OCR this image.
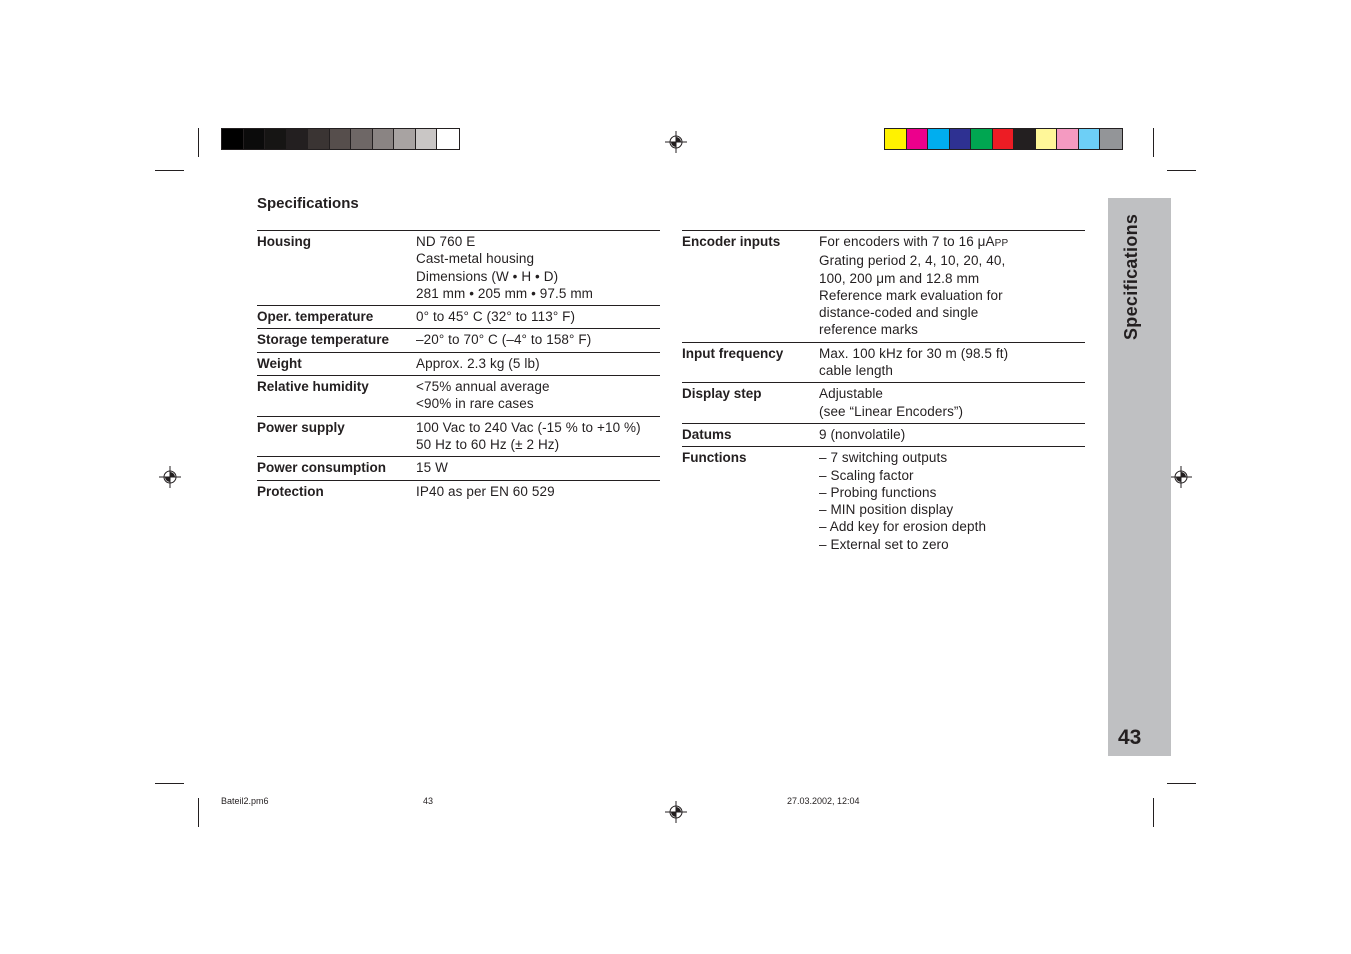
Specifications
Housing	ND 760 E
Cast-metal housing
Dimensions (W • H • D)
281 mm • 205 mm • 97.5 mm
Oper. temperature	0° to 45° C (32° to 113° F)
Storage temperature	–20° to 70° C (–4° to 158° F)
Weight	Approx. 2.3 kg (5 lb)
Relative humidity	<75% annual average
<90% in rare cases
Power supply	100 Vac to 240 Vac (-15 % to +10 %)
50 Hz to 60 Hz (± 2 Hz)
Power consumption	15 W
Protection	IP40 as per EN 60 529
Encoder inputs	For encoders with 7 to 16 μAPP
Grating period 2, 4, 10, 20, 40,
100, 200 μm and 12.8 mm
Reference mark evaluation for
distance-coded and single
reference marks
Input frequency	Max. 100 kHz for 30 m (98.5 ft)
cable length
Display step	Adjustable
(see “Linear Encoders”)
Datums	9 (nonvolatile)
Functions	– 7 switching outputs
– Scaling factor
– Probing functions
– MIN position display
– Add key for erosion depth
– External set to zero
Specifications
43
Bateil2.pm6	43	27.03.2002, 12:04
